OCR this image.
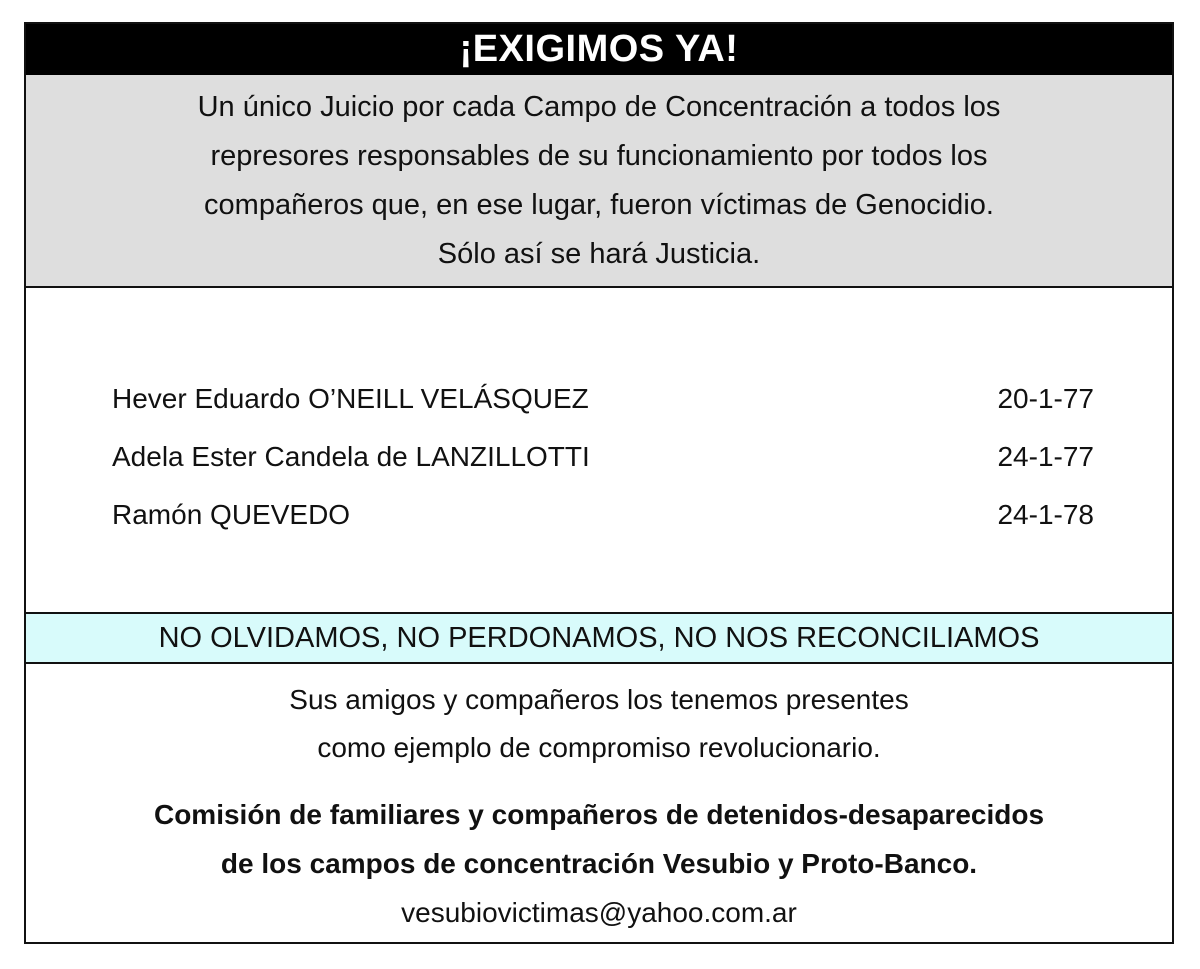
¡EXIGIMOS YA!
Un único Juicio por cada Campo de Concentración a todos los
represores responsables de su funcionamiento por todos los
compañeros que, en ese lugar, fueron víctimas de Genocidio.
Sólo así se hará Justicia.
Hever Eduardo O’NEILL VELÁSQUEZ	20-1-77
Adela Ester Candela de LANZILLOTTI	24-1-77
Ramón QUEVEDO	24-1-78
NO OLVIDAMOS, NO PERDONAMOS, NO NOS RECONCILIAMOS
Sus amigos y compañeros los tenemos presentes
como ejemplo de compromiso revolucionario.
Comisión de familiares y compañeros de detenidos-desaparecidos
de los campos de concentración Vesubio y Proto-Banco.
vesubiovictimas@yahoo.com.ar
